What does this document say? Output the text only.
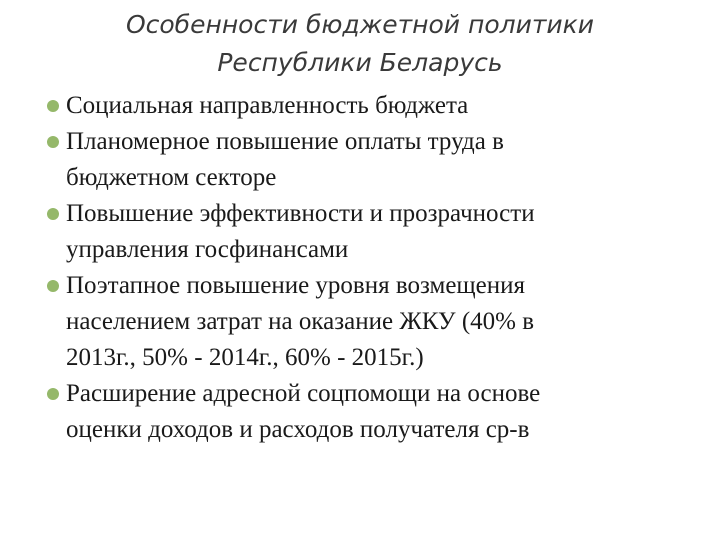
Особенности бюджетной политики
Республики Беларусь
Социальная направленность бюджета
Планомерное повышение оплаты труда в
бюджетном секторе
Повышение эффективности и прозрачности
управления госфинансами
Поэтапное повышение уровня возмещения
населением затрат на оказание ЖКУ (40% в
2013г., 50% - 2014г., 60% - 2015г.)
Расширение адресной соцпомощи на основе
оценки доходов и расходов получателя ср-в
